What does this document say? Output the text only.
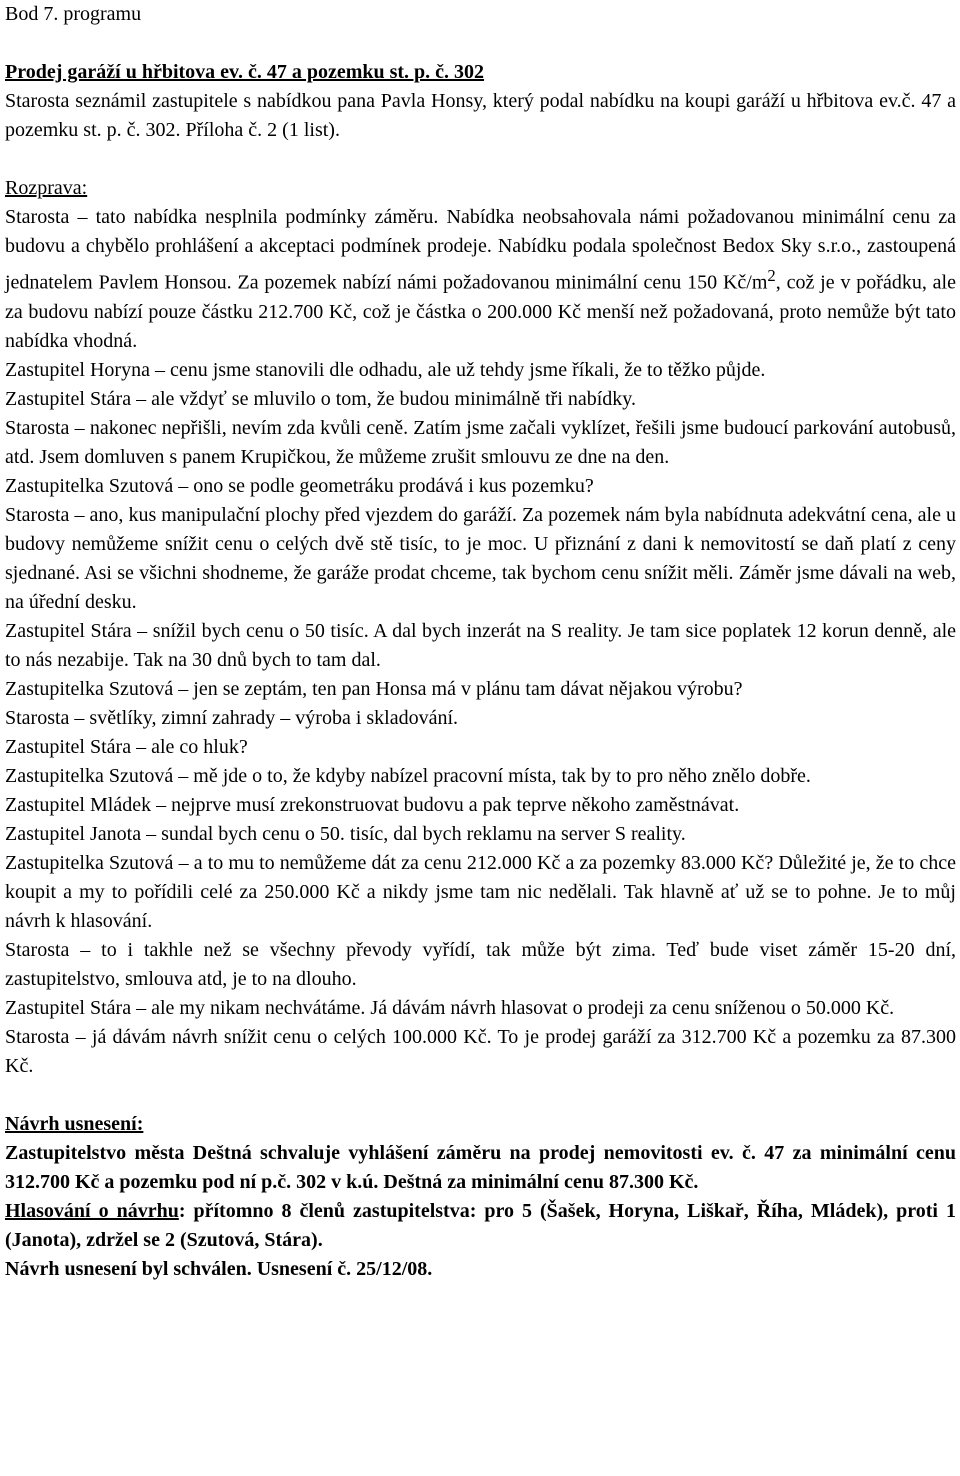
Bod 7. programu

Prodej garáží u hřbitova ev. č. 47 a pozemku st. p. č. 302

Starosta seznámil zastupitele s nabídkou pana Pavla Honsy, který podal nabídku na koupi garáží u hřbitova ev.č. 47 a pozemku st. p. č. 302. Příloha č. 2 (1 list).

Rozprava:

Starosta – tato nabídka nesplnila podmínky záměru. Nabídka neobsahovala námi požadovanou minimální cenu za budovu a chybělo prohlášení a akceptaci podmínek prodeje. Nabídku podala společnost Bedox Sky s.r.o., zastoupená jednatelem Pavlem Honsou. Za pozemek nabízí námi požadovanou minimální cenu 150 $Kč/m^2$, což je v pořádku, ale za budovu nabízí pouze částku 212.700 Kč, což je částka o 200.000 Kč menší než požadovaná, proto nemůže být tato nabídka vhodná.

Zastupitel Horyna – cenu jsme stanovili dle odhadu, ale už tehdy jsme říkali, že to těžko půjde.

Zastupitel Stára – ale vždyť se mluvilo o tom, že budou minimálně tři nabídky.

Starosta – nakonec nepřišli, nevím zda kvůli ceně. Zatím jsme začali vyklízet, řešili jsme budoucí parkování autobusů, atd. Jsem domluven s panem Krupičkou, že můžeme zrušit smlouvu ze dne na den.

Zastupitelka Szutová – ono se podle geometráku prodává i kus pozemku?

Starosta – ano, kus manipulační plochy před vjezdem do garáží. Za pozemek nám byla nabídnuta adekvátní cena, ale u budovy nemůžeme snížit cenu o celých dvě stě tisíc, to je moc. U přiznání z dani k nemovitostí se daň platí z ceny sjednané. Asi se všichni shodneme, že garáže prodat chceme, tak bychom cenu snížit měli. Záměr jsme dávali na web, na úřední desku.

Zastupitel Stára – snížil bych cenu o 50 tisíc. A dal bych inzerát na S reality. Je tam sice poplatek 12 korun denně, ale to nás nezabije. Tak na 30 dnů bych to tam dal.

Zastupitelka Szutová – jen se zeptám, ten pan Honsa má v plánu tam dávat nějakou výrobu?

Starosta – světlíky, zimní zahrady – výroba i skladování.

Zastupitel Stára – ale co hluk?

Zastupitelka Szutová – mě jde o to, že kdyby nabízel pracovní místa, tak by to pro něho znělo dobře.

Zastupitel Mládek – nejprve musí zrekonstruovat budovu a pak teprve někoho zaměstnávat.

Zastupitel Janota – sundal bych cenu o 50. tisíc, dal bych reklamu na server S reality.

Zastupitelka Szutová – a to mu to nemůžeme dát za cenu 212.000 Kč a za pozemky 83.000 Kč? Důležité je, že to chce koupit a my to pořídili celé za 250.000 Kč a nikdy jsme tam nic nedělali. Tak hlavně ať už se to pohne. Je to můj návrh k hlasování.

Starosta – to i takhle než se všechny převody vyřídí, tak může být zima. Teď bude viset záměr 15-20 dní, zastupitelstvo, smlouva atd, je to na dlouho.

Zastupitel Stára – ale my nikam nechvátáme. Já dávám návrh hlasovat o prodeji za cenu sníženou o 50.000 Kč.

Starosta – já dávám návrh snížit cenu o celých 100.000 Kč. To je prodej garáží za 312.700 Kč a pozemku za 87.300 Kč.

Návrh usnesení:

Zastupitelstvo města Deštná schvaluje vyhlášení záměru na prodej nemovitosti ev. č. 47 za minimální cenu 312.700 Kč a pozemku pod ní p.č. 302 v k.ú. Deštná za minimální cenu 87.300 Kč.

Hlasování o návrhu: přítomno 8 členů zastupitelstva: pro 5 (Šašek, Horyna, Liškař, Říha, Mládek), proti 1 (Janota), zdržel se 2 (Szutová, Stára).

Návrh usnesení byl schválen. Usnesení č. 25/12/08.
